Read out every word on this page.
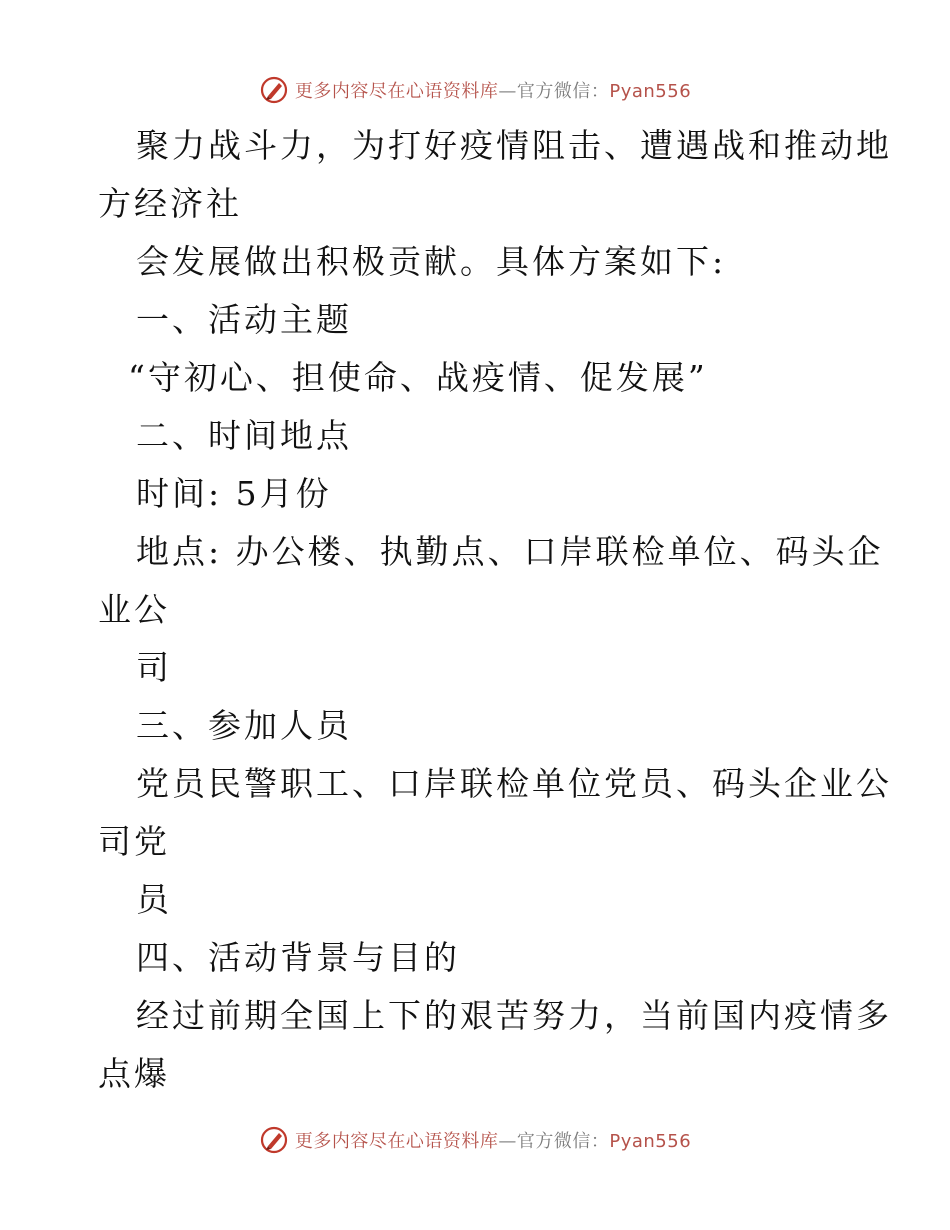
更多内容尽在心语资料库—官方微信：Pyan556
聚力战斗力，为打好疫情阻击、遭遇战和推动地
方经济社
会发展做出积极贡献。具体方案如下:
一、活动主题
“守初心、担使命、战疫情、促发展”
二、时间地点
时间: 5月份
地点: 办公楼、执勤点、口岸联检单位、码头企
业公
司
三、参加人员
党员民警职工、口岸联检单位党员、码头企业公
司党
员
四、活动背景与目的
经过前期全国上下的艰苦努力，当前国内疫情多
点爆
更多内容尽在心语资料库—官方微信：Pyan556
